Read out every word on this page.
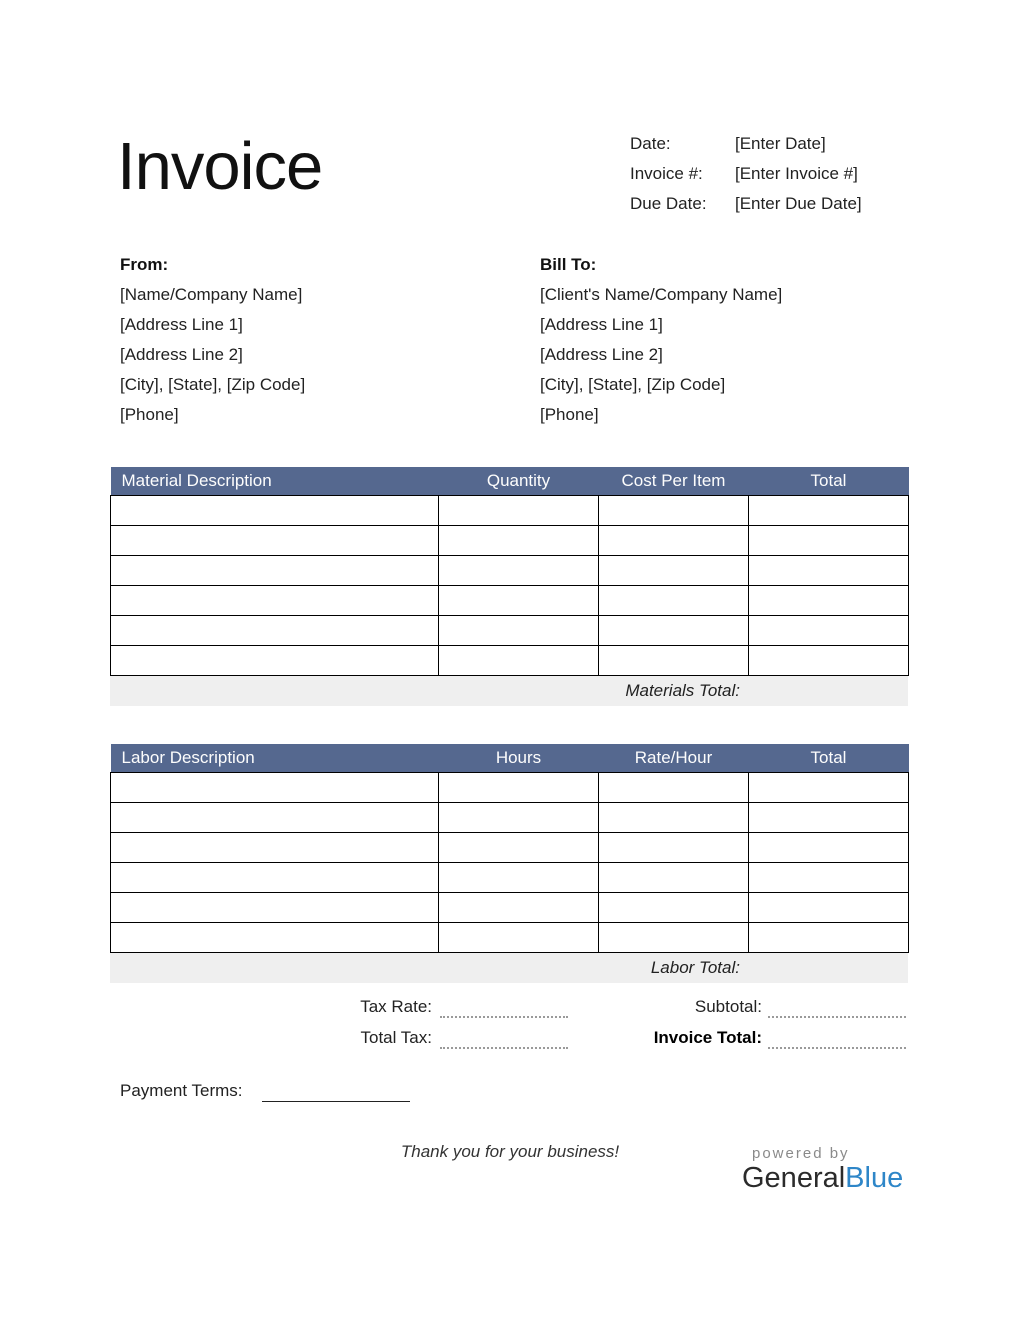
Invoice	Date:	[Enter Date]
Invoice #:	[Enter Invoice #]
Due Date:	[Enter Due Date]
From:
[Name/Company Name]
[Address Line 1]
[Address Line 2]
[City], [State], [Zip Code]
[Phone]
Bill To:
[Client's Name/Company Name]
[Address Line 1]
[Address Line 2]
[City], [State], [Zip Code]
[Phone]
Material Description	Quantity	Cost Per Item	Total

Materials Total:
Labor Description	Hours	Rate/Hour	Total

Labor Total:
Tax Rate:	Subtotal:
Total Tax:	Invoice Total:
Payment Terms:
Thank you for your business!	powered by
GeneralBlue
